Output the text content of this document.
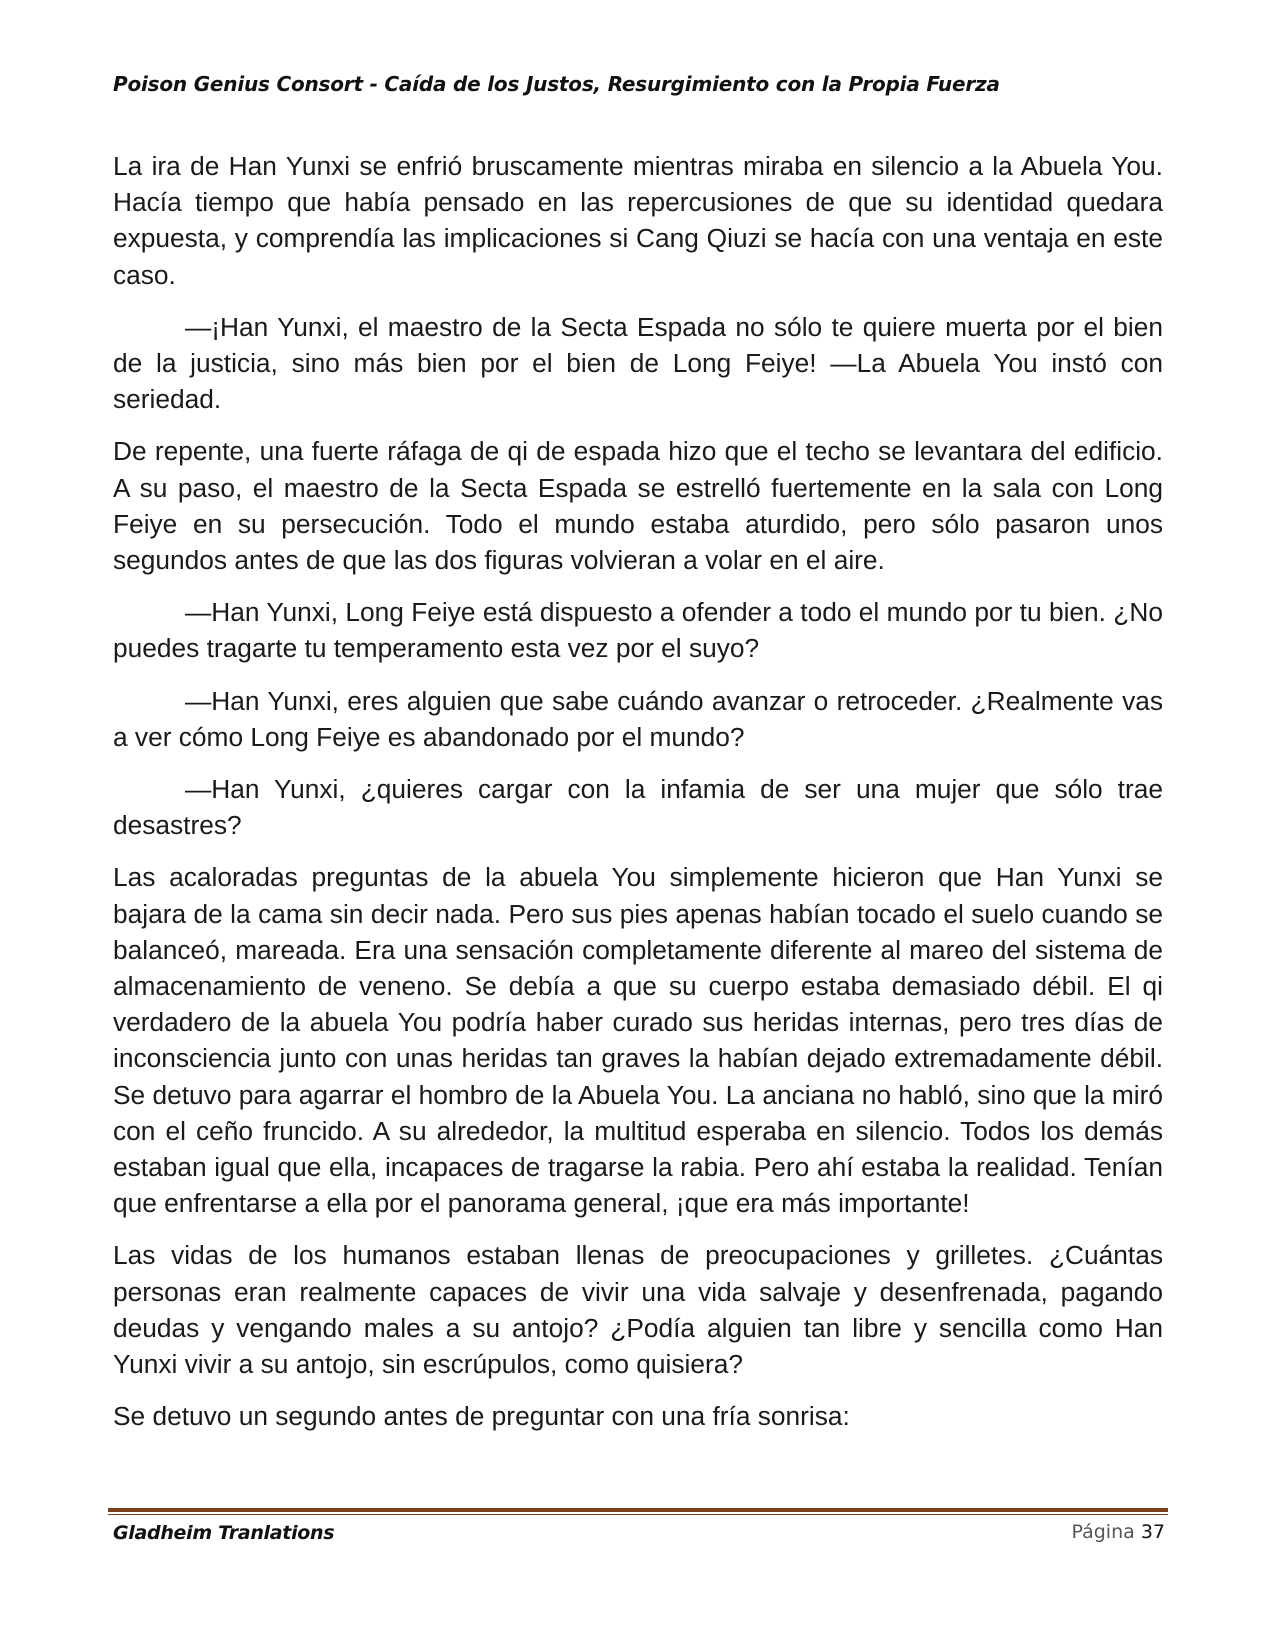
Poison Genius Consort - Caída de los Justos, Resurgimiento con la Propia Fuerza

La ira de Han Yunxi se enfrió bruscamente mientras miraba en silencio a la Abuela You. Hacía tiempo que había pensado en las repercusiones de que su identidad quedara expuesta, y comprendía las implicaciones si Cang Qiuzi se hacía con una ventaja en este caso.

—¡Han Yunxi, el maestro de la Secta Espada no sólo te quiere muerta por el bien de la justicia, sino más bien por el bien de Long Feiye! —La Abuela You instó con seriedad.

De repente, una fuerte ráfaga de qi de espada hizo que el techo se levantara del edificio. A su paso, el maestro de la Secta Espada se estrelló fuertemente en la sala con Long Feiye en su persecución. Todo el mundo estaba aturdido, pero sólo pasaron unos segundos antes de que las dos figuras volvieran a volar en el aire.

—Han Yunxi, Long Feiye está dispuesto a ofender a todo el mundo por tu bien. ¿No puedes tragarte tu temperamento esta vez por el suyo?

—Han Yunxi, eres alguien que sabe cuándo avanzar o retroceder. ¿Realmente vas a ver cómo Long Feiye es abandonado por el mundo?

—Han Yunxi, ¿quieres cargar con la infamia de ser una mujer que sólo trae desastres?

Las acaloradas preguntas de la abuela You simplemente hicieron que Han Yunxi se bajara de la cama sin decir nada. Pero sus pies apenas habían tocado el suelo cuando se balanceó, mareada. Era una sensación completamente diferente al mareo del sistema de almacenamiento de veneno. Se debía a que su cuerpo estaba demasiado débil. El qi verdadero de la abuela You podría haber curado sus heridas internas, pero tres días de inconsciencia junto con unas heridas tan graves la habían dejado extremadamente débil. Se detuvo para agarrar el hombro de la Abuela You. La anciana no habló, sino que la miró con el ceño fruncido. A su alrededor, la multitud esperaba en silencio. Todos los demás estaban igual que ella, incapaces de tragarse la rabia. Pero ahí estaba la realidad. Tenían que enfrentarse a ella por el panorama general, ¡que era más importante!

Las vidas de los humanos estaban llenas de preocupaciones y grilletes. ¿Cuántas personas eran realmente capaces de vivir una vida salvaje y desenfrenada, pagando deudas y vengando males a su antojo? ¿Podía alguien tan libre y sencilla como Han Yunxi vivir a su antojo, sin escrúpulos, como quisiera?

Se detuvo un segundo antes de preguntar con una fría sonrisa:

Gladheim Tranlations	Página 37
